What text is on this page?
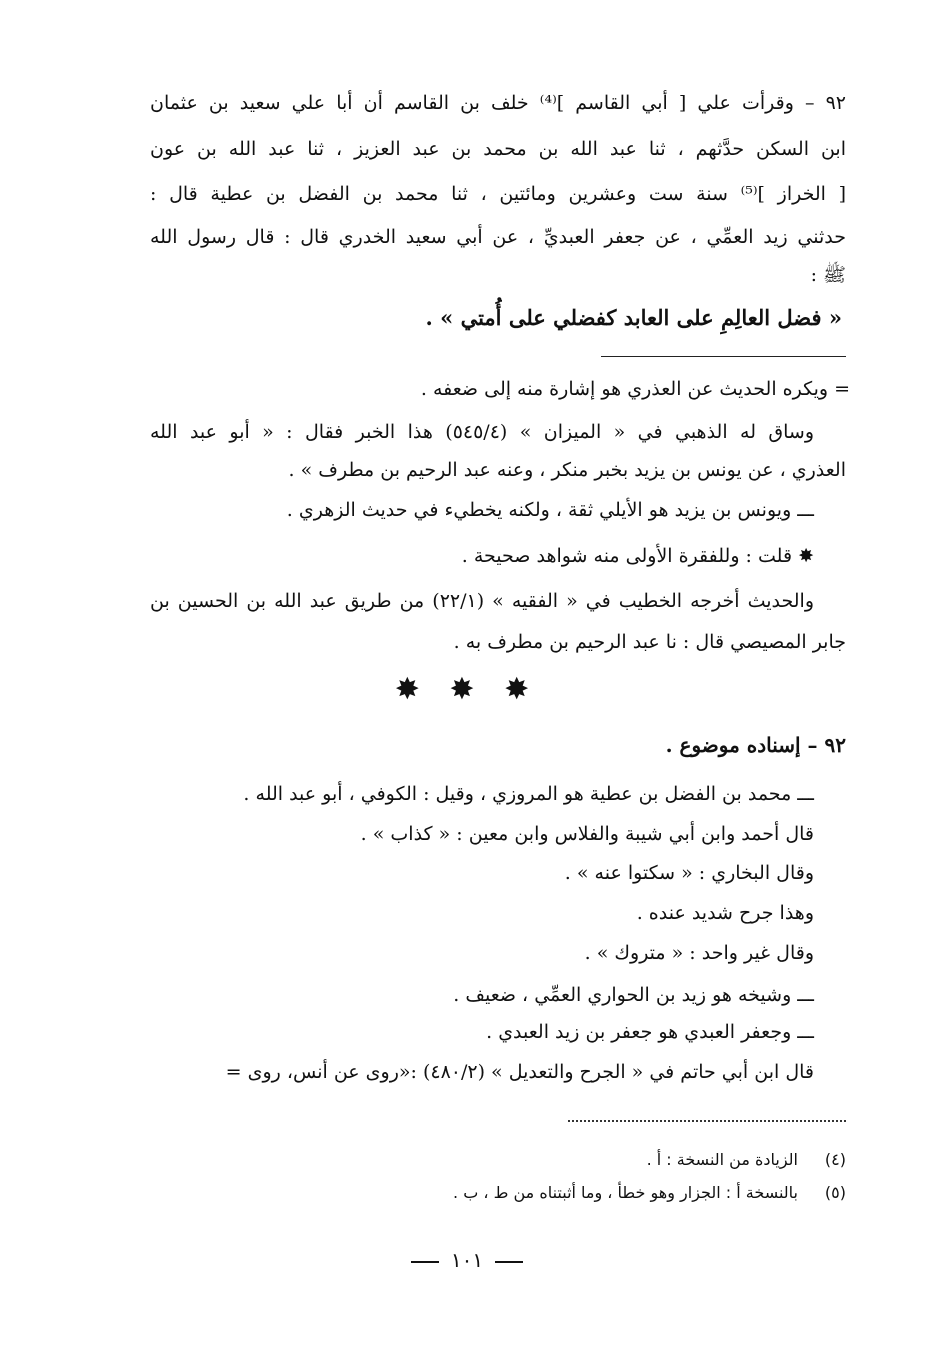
٩٢ – وقرأت علي [ أبي القاسم ]⁽⁴⁾ خلف بن القاسم أن أبا علي سعيد بن عثمان
ابن السكن حدَّثهم ، ثنا عبد الله بن محمد بن عبد العزيز ، ثنا عبد الله بن عون
[ الخراز ]⁽⁵⁾ سنة ست وعشرين ومائتين ، ثنا محمد بن الفضل بن عطية قال :
حدثني زيد العمِّي ، عن جعفر العبديِّ ، عن أبي سعيد الخدري قال : قال رسول الله
ﷺ :
« فضل العالِمِ على العابد كفضلي على أُمتي » .
= ويكره الحديث عن العذري هو إشارة منه إلى ضعفه .
وساق له الذهبي في « الميزان » (٥٤٥/٤) هذا الخبر فقال : « أبو عبد الله
العذري ، عن يونس بن يزيد بخبر منكر ، وعنه عبد الرحيم بن مطرف » .
ـــ ويونس بن يزيد هو الأيلي ثقة ، ولكنه يخطيء في حديث الزهري .
✸ قلت : وللفقرة الأولى منه شواهد صحيحة .
والحديث أخرجه الخطيب في « الفقيه » (٢٢/١) من طريق عبد الله بن الحسين بن
جابر المصيصي قال : نا عبد الرحيم بن مطرف به .
✸ ✸ ✸
٩٢ – إسناده موضوع .
ـــ محمد بن الفضل بن عطية هو المروزي ، وقيل : الكوفي ، أبو عبد الله .
قال أحمد وابن أبي شيبة والفلاس وابن معين : « كذاب » .
وقال البخاري : « سكتوا عنه » .
وهذا جرح شديد عنده .
وقال غير واحد : « متروك » .
ـــ وشيخه هو زيد بن الحواري العمِّي ، ضعيف .
ـــ وجعفر العبدي هو جعفر بن زيد العبدي .
قال ابن أبي حاتم في « الجرح والتعديل » (٤٨٠/٢) :«روى عن أنس، روى =
(٤)الزيادة من النسخة : أ .
(٥)بالنسخة أ : الجزار وهو خطأ ، وما أثبتناه من ط ، ب .
١٠١
